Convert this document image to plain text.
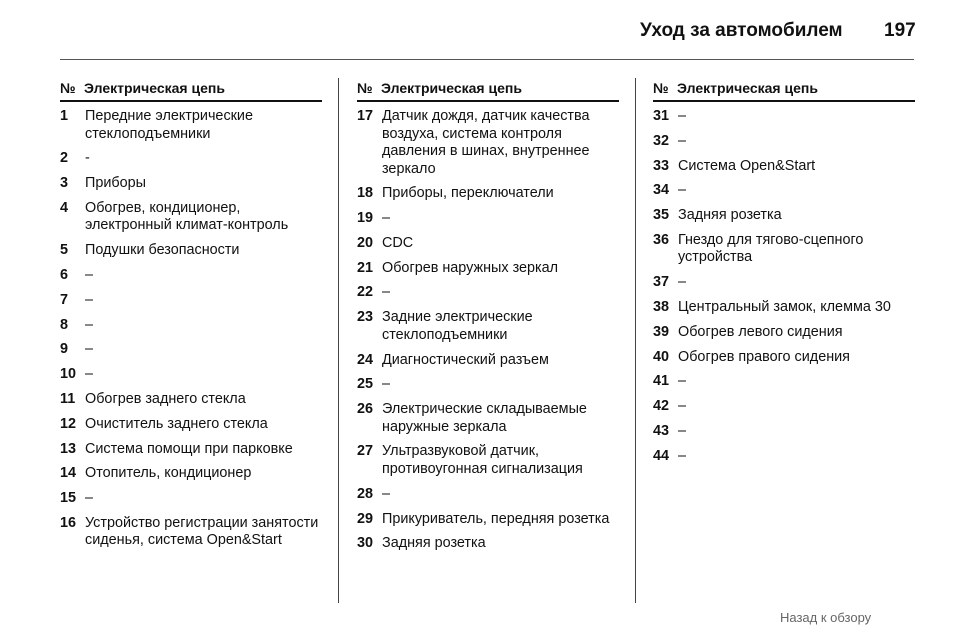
Уход за автомобилем 197
№ Электрическая цепь
1	Передние электрические стеклоподъемники
2	-
3	Приборы
4	Обогрев, кондиционер, электронный климат-контроль
5	Подушки безопасности
6	–
7	–
8	–
9	–
10 –
11 Обогрев заднего стекла
12 Очиститель заднего стекла
13 Система помощи при парковке
14 Отопитель, кондиционер
15 –
16 Устройство регистрации занятости сиденья, система Open&Start
№ Электрическая цепь
17 Датчик дождя, датчик качества воздуха, система контроля давления в шинах, внутреннее зеркало
18 Приборы, переключатели
19 –
20 CDC
21 Обогрев наружных зеркал
22 –
23 Задние электрические стеклоподъемники
24 Диагностический разъем
25 –
26 Электрические складываемые наружные зеркала
27 Ультразвуковой датчик, противоугонная сигнализация
28 –
29 Прикуриватель, передняя розетка
30 Задняя розетка
№ Электрическая цепь
31 –
32 –
33 Система Open&Start
34 –
35 Задняя розетка
36 Гнездо для тягово-сцепного устройства
37 –
38 Центральный замок, клемма 30
39 Обогрев левого сидения
40 Обогрев правого сидения
41 –
42 –
43 –
44 –
Назад к обзору
